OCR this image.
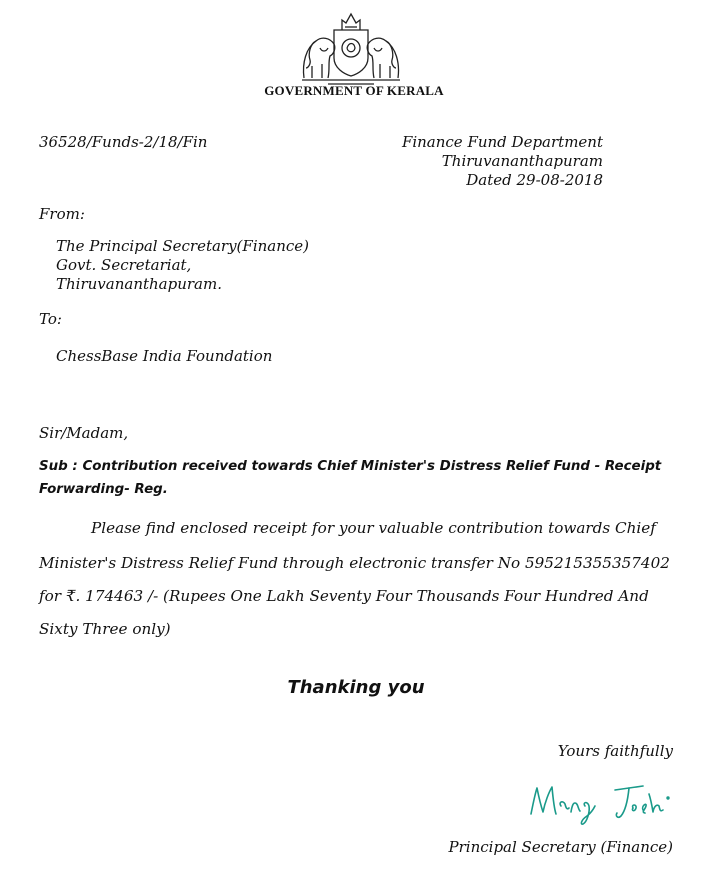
GOVERNMENT OF KERALA
36528/Funds-2/18/Fin	Finance Fund Department
Thiruvananthapuram
Dated 29-08-2018
From:
The Principal Secretary(Finance)
Govt. Secretariat,
Thiruvananthapuram.
To:
ChessBase India Foundation
Sir/Madam,
Sub : Contribution received towards Chief Minister's Distress Relief Fund - Receipt Forwarding- Reg.
Please find enclosed receipt for your valuable contribution towards Chief
Minister's Distress Relief Fund through electronic transfer No 595215355357402
for ₹. 174463 /- (Rupees One Lakh Seventy Four Thousands Four Hundred And
Sixty Three only)
Thanking you
Yours faithfully
Principal Secretary (Finance)
